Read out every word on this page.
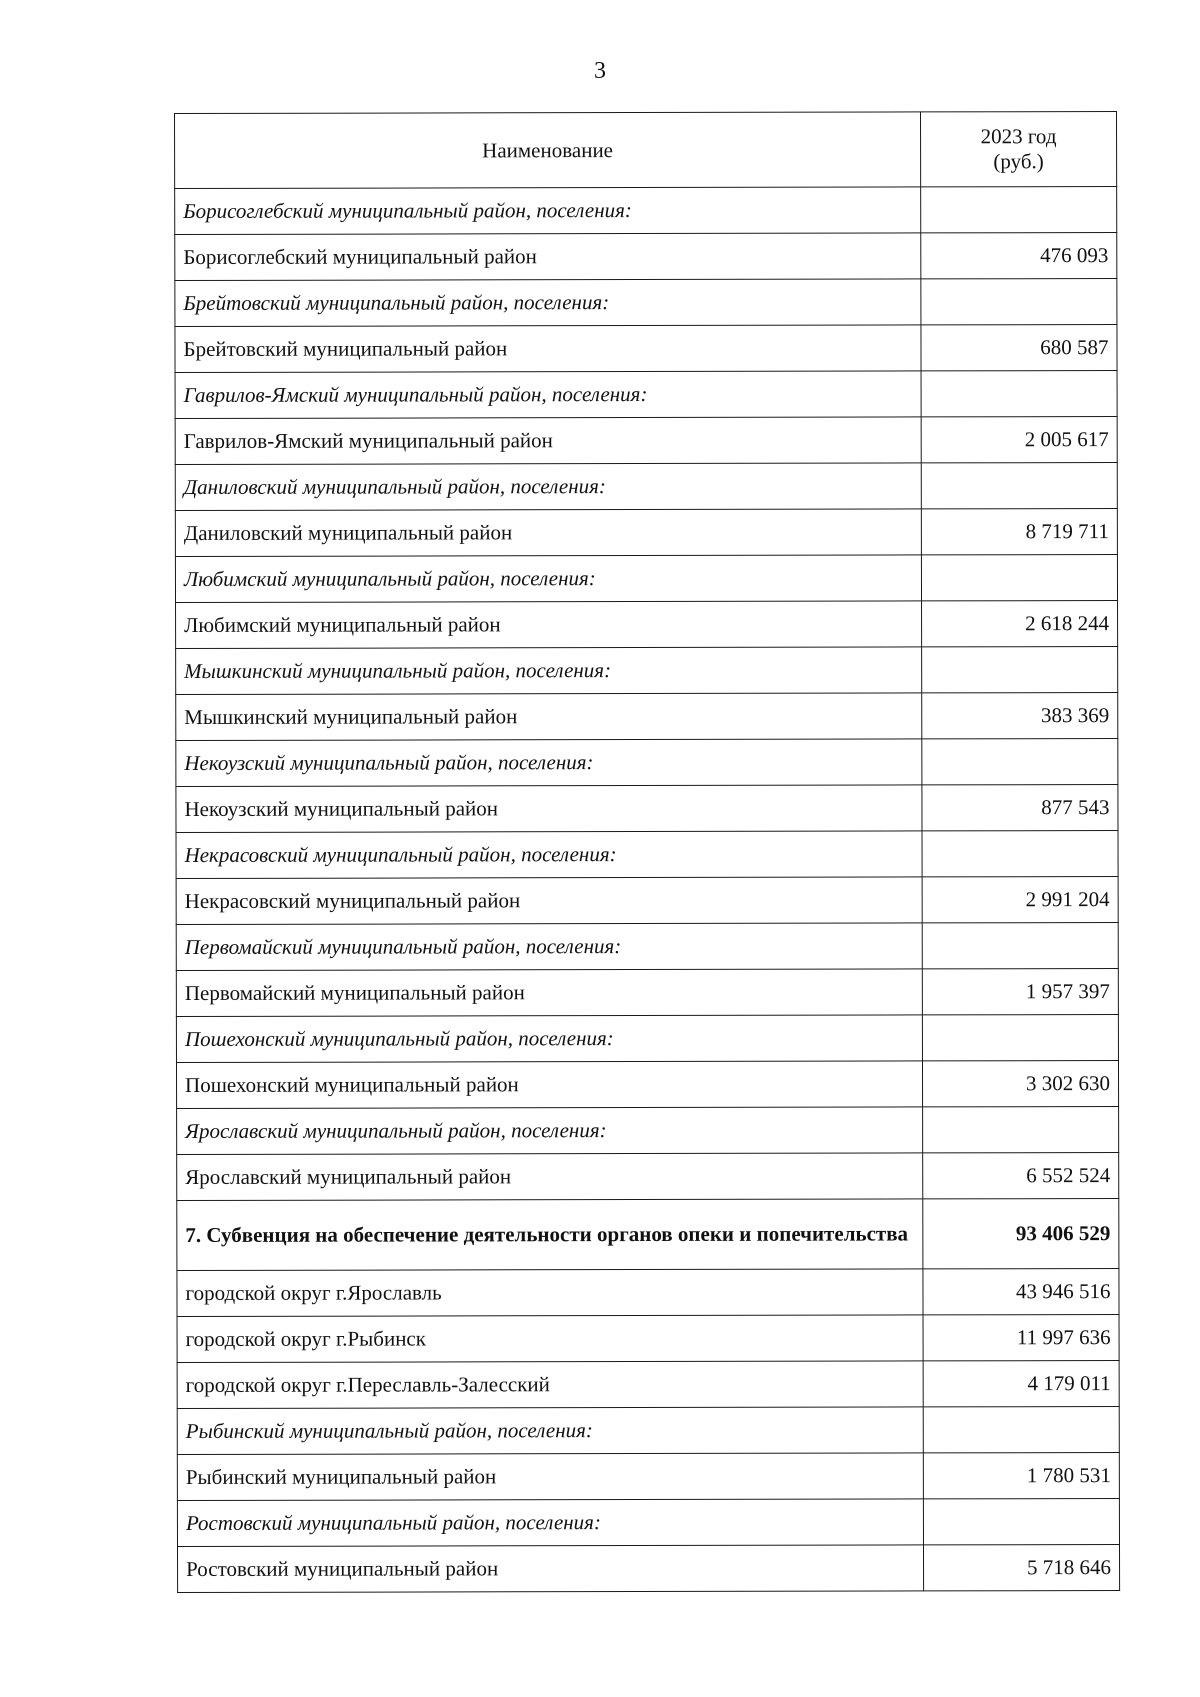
3
Наименование	2023 год
(руб.)

Борисоглебский муниципальный район, поселения:	
Борисоглебский муниципальный район	476 093
Брейтовский муниципальный район, поселения:	
Брейтовский муниципальный район	680 587
Гаврилов-Ямский муниципальный район, поселения:	
Гаврилов-Ямский муниципальный район	2 005 617
Даниловский муниципальный район, поселения:	
Даниловский муниципальный район	8 719 711
Любимский муниципальный район, поселения:	
Любимский муниципальный район	2 618 244
Мышкинский муниципальный район, поселения:	
Мышкинский муниципальный район	383 369
Некоузский муниципальный район, поселения:	
Некоузский муниципальный район	877 543
Некрасовский муниципальный район, поселения:	
Некрасовский муниципальный район	2 991 204
Первомайский муниципальный район, поселения:	
Первомайский муниципальный район	1 957 397
Пошехонский муниципальный район, поселения:	
Пошехонский муниципальный район	3 302 630
Ярославский муниципальный район, поселения:	
Ярославский муниципальный район	6 552 524
7. Субвенция на обеспечение деятельности органов опеки и попечительства	93 406 529
городской округ г.Ярославль	43 946 516
городской округ г.Рыбинск	11 997 636
городской округ г.Переславль-Залесский	4 179 011
Рыбинский муниципальный район, поселения:	
Рыбинский муниципальный район	1 780 531
Ростовский муниципальный район, поселения:	
Ростовский муниципальный район	5 718 646
